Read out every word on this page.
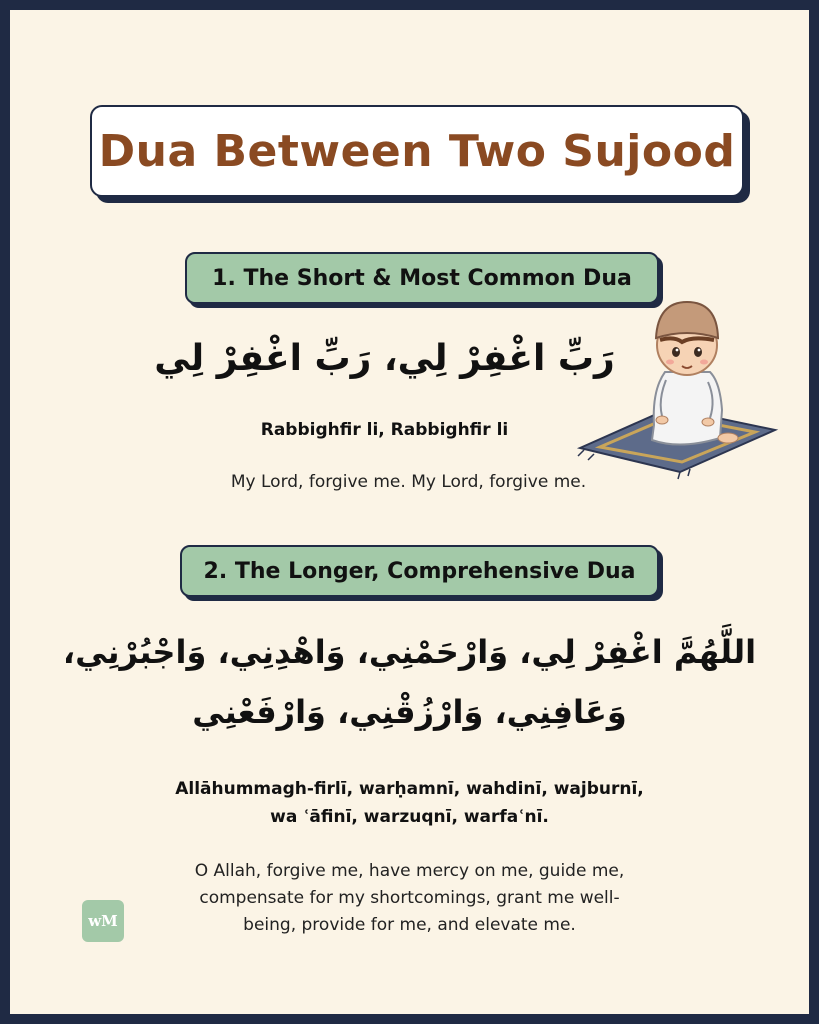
Dua Between Two Sujood
1. The Short & Most Common Dua
رَبِّ اغْفِرْ لِي، رَبِّ اغْفِرْ لِي
Rabbighfir li, Rabbighfir li
My Lord, forgive me. My Lord, forgive me.
2. The Longer, Comprehensive Dua
اللَّهُمَّ اغْفِرْ لِي، وَارْحَمْنِي، وَاهْدِنِي، وَاجْبُرْنِي،
وَعَافِنِي، وَارْزُقْنِي، وَارْفَعْنِي
Allāhummagh-firlī, warḥamnī, wahdinī, wajburnī,
wa ʿāfinī, warzuqnī, warfaʿnī.
O Allah, forgive me, have mercy on me, guide me,
compensate for my shortcomings, grant me well-
being, provide for me, and elevate me.
wM
